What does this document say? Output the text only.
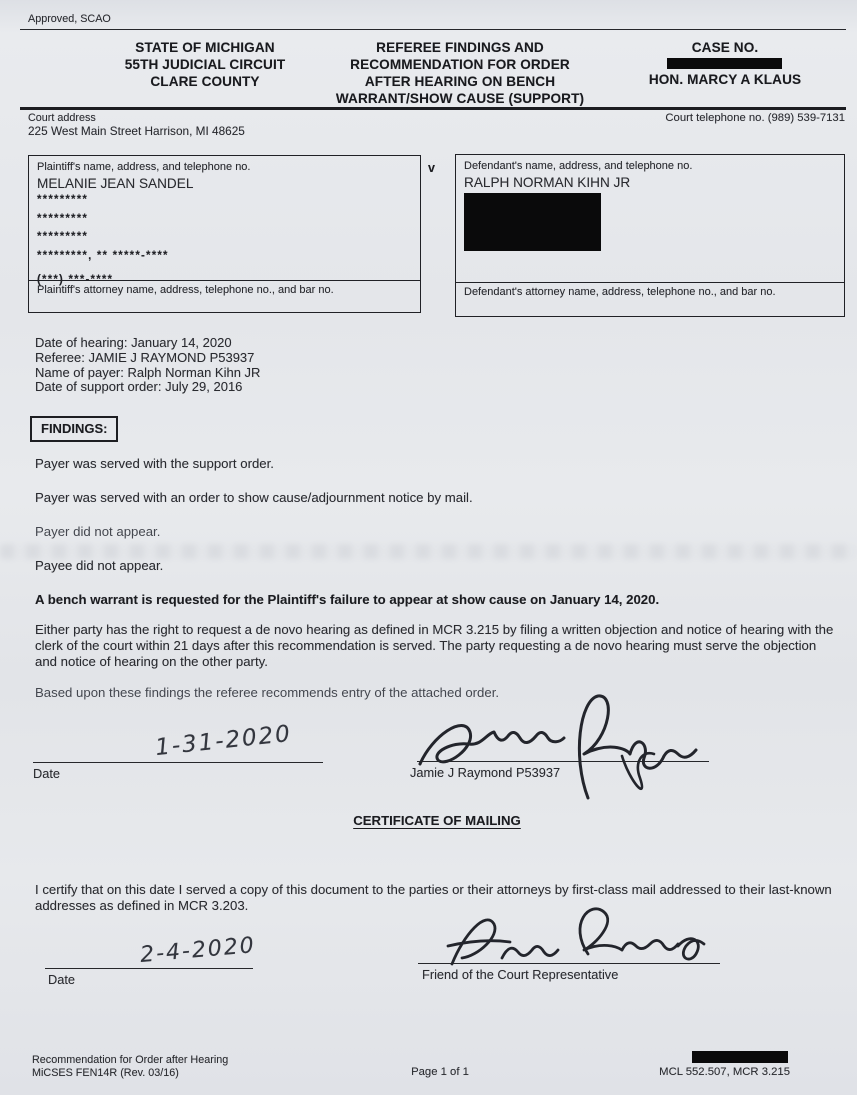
Approved, SCAO
STATE OF MICHIGAN
55TH JUDICIAL CIRCUIT
CLARE COUNTY
REFEREE FINDINGS AND
RECOMMENDATION FOR ORDER
AFTER HEARING ON BENCH
WARRANT/SHOW CAUSE (SUPPORT)
CASE NO.
HON. MARCY A KLAUS
Court address
225 West Main Street Harrison, MI 48625
Court telephone no. (989) 539-7131
Plaintiff's name, address, and telephone no.
MELANIE JEAN SANDEL
*********
*********
*********
*********, ** *****-****
(***) ***-****
Plaintiff's attorney name, address, telephone no., and bar no.
v	Defendant's name, address, and telephone no.
RALPH NORMAN KIHN JR
Defendant's attorney name, address, telephone no., and bar no.
Date of hearing: January 14, 2020
Referee: JAMIE J RAYMOND P53937
Name of payer: Ralph Norman Kihn JR
Date of support order: July 29, 2016
FINDINGS:
Payer was served with the support order.
Payer was served with an order to show cause/adjournment notice by mail.
Payer did not appear.
Payee did not appear.
A bench warrant is requested for the Plaintiff's failure to appear at show cause on January 14, 2020.
Either party has the right to request a de novo hearing as defined in MCR 3.215 by filing a written objection and notice of hearing with the clerk of the court within 21 days after this recommendation is served. The party requesting a de novo hearing must serve the objection and notice of hearing on the other party.
Based upon these findings the referee recommends entry of the attached order.
1-31-2020
Date	Jamie J Raymond P53937
CERTIFICATE OF MAILING
I certify that on this date I served a copy of this document to the parties or their attorneys by first-class mail addressed to their last-known addresses as defined in MCR 3.203.
2-4-2020
Date	Friend of the Court Representative
Recommendation for Order after Hearing
MiCSES FEN14R (Rev. 03/16)	Page 1 of 1	MCL 552.507, MCR 3.215
